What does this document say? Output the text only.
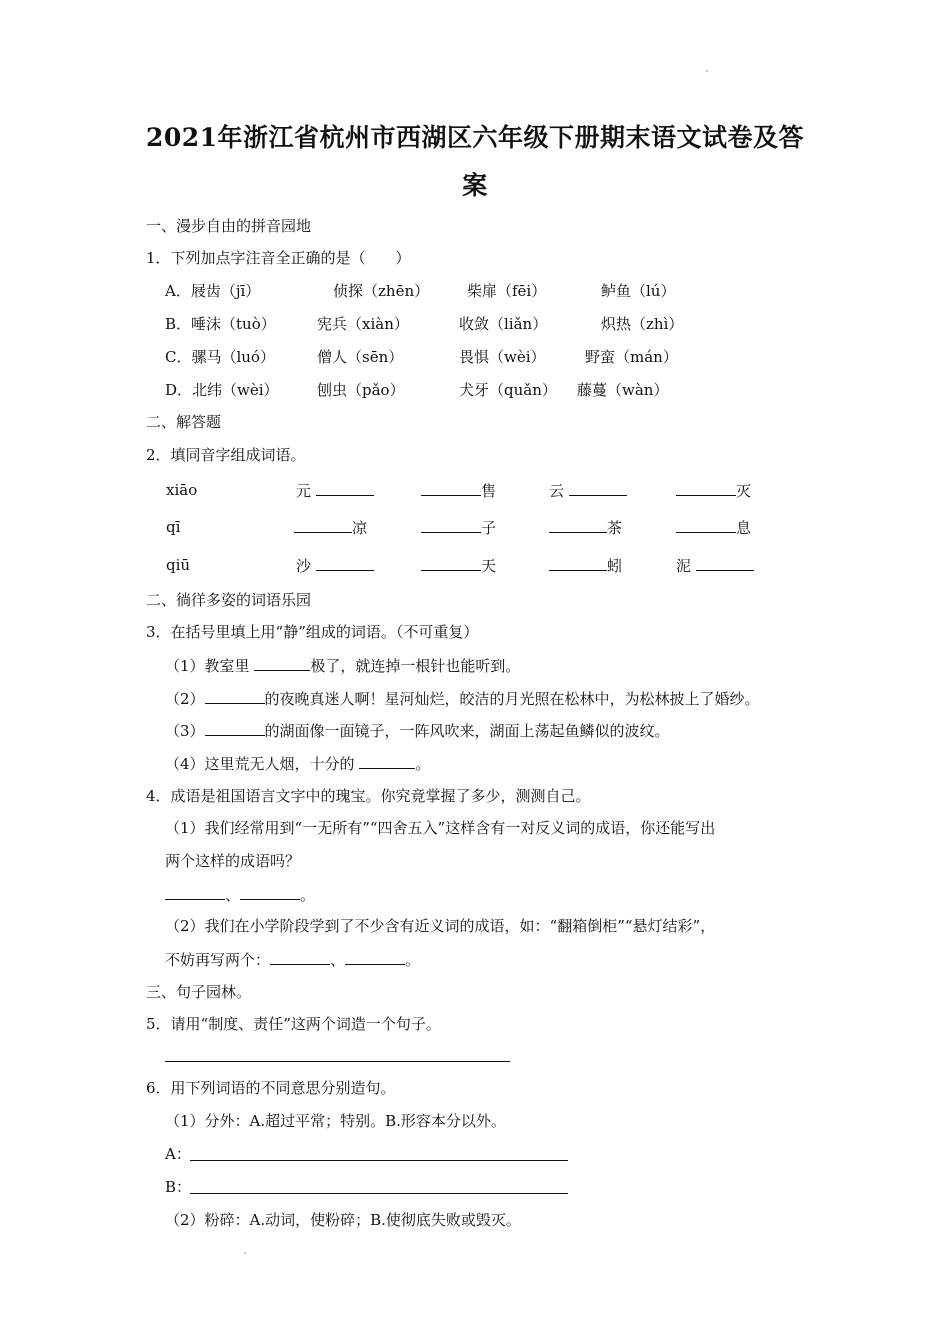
2021年浙江省杭州市西湖区六年级下册期末语文试卷及答
案
一、漫步自由的拼音园地
1．下列加点字注音全正确的是（　　）
A．屐齿（jī）	侦探（zhēn）	柴扉（fēi）	鲈鱼（lú）
B．唾沫（tuò）	宪兵（xiàn）	收敛（liǎn）	炽热（zhì）
C．骡马（luó）	僧人（sēn）	畏惧（wèi）	野蛮（mán）
D．北纬（wèi）	刨虫（pǎo）	犬牙（quǎn） 藤蔓（wàn）
二、解答题
2．填同音字组成词语。
xiāo	元	售	云	灭
qī	凉	子	茶	息
qiū	沙	天	蚓	泥
二、徜徉多姿的词语乐园
3．在括号里填上用“静”组成的词语。（不可重复）
（1）教室里	极了，就连掉一根针也能听到。
（2）	的夜晚真迷人啊！星河灿烂，皎洁的月光照在松林中，为松林披上了婚纱。
（3）	的湖面像一面镜子，一阵风吹来，湖面上荡起鱼鳞似的波纹。
（4）这里荒无人烟，十分的	。
4．成语是祖国语言文字中的瑰宝。你究竟掌握了多少，测测自己。
（1）我们经常用到“一无所有”“四舍五入”这样含有一对反义词的成语，你还能写出
两个这样的成语吗？
、	。
（2）我们在小学阶段学到了不少含有近义词的成语，如：“翻箱倒柜”“悬灯结彩”，
不妨再写两个：	、	。
三、句子园林。
5．请用“制度、责任”这两个词造一个句子。
6．用下列词语的不同意思分别造句。
（1）分外：A.超过平常；特别。B.形容本分以外。
A：
B：
（2）粉碎：A.动词，使粉碎；B.使彻底失败或毁灭。
